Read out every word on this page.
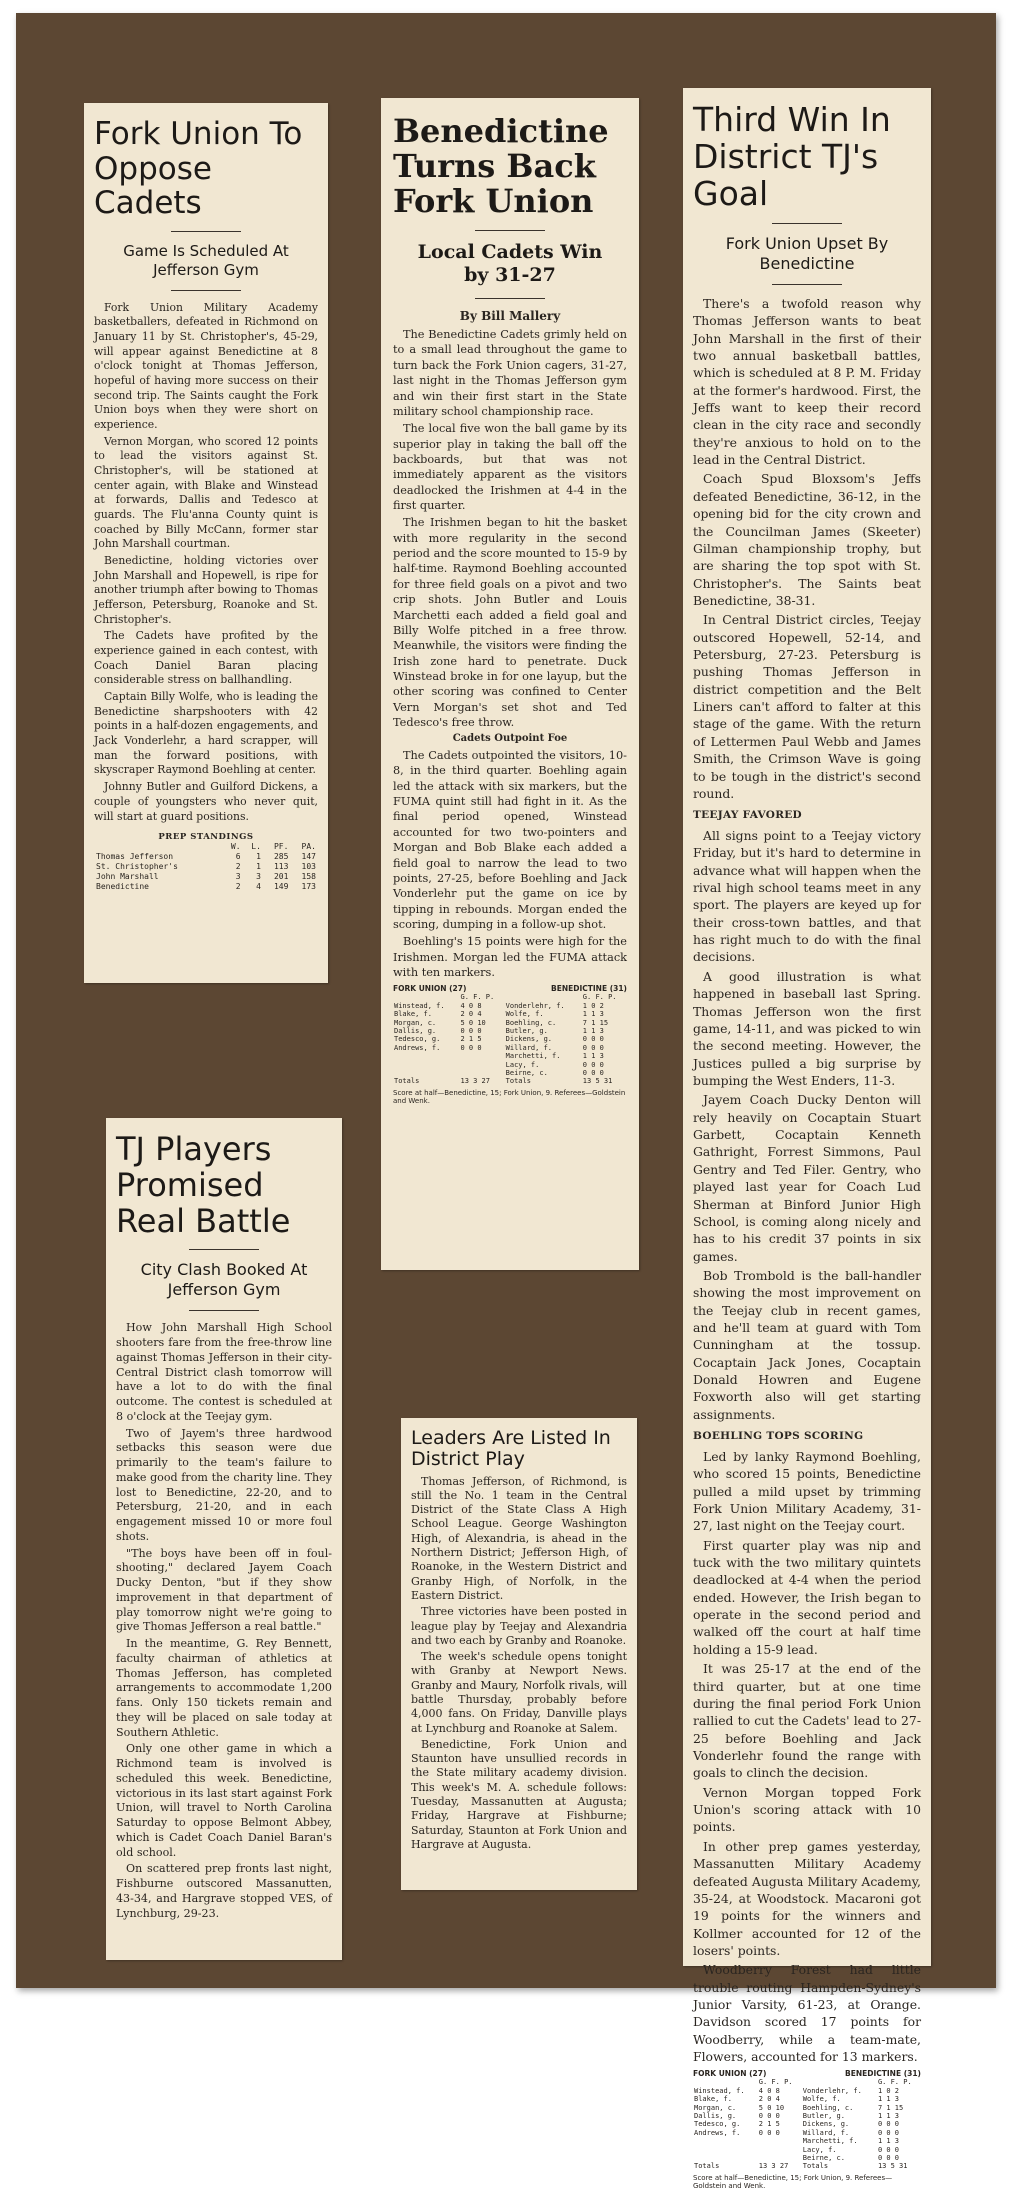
Fork Union To Oppose Cadets
Game Is Scheduled At Jefferson Gym

Fork Union Military Academy basketballers, defeated in Richmond on January 11 by St. Christopher's, 45-29, will appear against Benedictine at 8 o'clock tonight at Thomas Jefferson, hopeful of having more success on their second trip. The Saints caught the Fork Union boys when they were short on experience.

Vernon Morgan, who scored 12 points to lead the visitors against St. Christopher's, will be stationed at center again, with Blake and Winstead at forwards, Dallis and Tedesco at guards. The Flu'anna County quint is coached by Billy McCann, former star John Marshall courtman.

Benedictine, holding victories over John Marshall and Hopewell, is ripe for another triumph after bowing to Thomas Jefferson, Petersburg, Roanoke and St. Christopher's.

The Cadets have profited by the experience gained in each contest, with Coach Daniel Baran placing considerable stress on ballhandling.

Captain Billy Wolfe, who is leading the Benedictine sharpshooters with 42 points in a half-dozen engagements, and Jack Vonderlehr, a hard scrapper, will man the forward positions, with skyscraper Raymond Boehling at center.

Johnny Butler and Guilford Dickens, a couple of youngsters who never quit, will start at guard positions.

PREP STANDINGS
	W.	L.	PF.	PA.
Thomas Jefferson	6	1	285	147
St. Christopher's	2	1	113	103
John Marshall	3	3	201	158
Benedictine	2	4	149	173
Benedictine Turns Back Fork Union
Local Cadets Win by 31-27
By Bill Mallery

The Benedictine Cadets grimly held on to a small lead throughout the game to turn back the Fork Union cagers, 31-27, last night in the Thomas Jefferson gym and win their first start in the State military school championship race.

The local five won the ball game by its superior play in taking the ball off the backboards, but that was not immediately apparent as the visitors deadlocked the Irishmen at 4-4 in the first quarter.

The Irishmen began to hit the basket with more regularity in the second period and the score mounted to 15-9 by half-time. Raymond Boehling accounted for three field goals on a pivot and two crip shots. John Butler and Louis Marchetti each added a field goal and Billy Wolfe pitched in a free throw. Meanwhile, the visitors were finding the Irish zone hard to penetrate. Duck Winstead broke in for one layup, but the other scoring was confined to Center Vern Morgan's set shot and Ted Tedesco's free throw.

Cadets Outpoint Foe

The Cadets outpointed the visitors, 10-8, in the third quarter. Boehling again led the attack with six markers, but the FUMA quint still had fight in it. As the final period opened, Winstead accounted for two two-pointers and Morgan and Bob Blake each added a field goal to narrow the lead to two points, 27-25, before Boehling and Jack Vonderlehr put the game on ice by tipping in rebounds. Morgan ended the scoring, dumping in a follow-up shot.

Boehling's 15 points were high for the Irishmen. Morgan led the FUMA attack with ten markers.

FORK UNION (27)	BENEDICTINE (31)
	G. F. P.		G. F. P.
Winstead, f.	4 0 8	Vonderlehr, f.	1 0 2
Blake, f.	2 0 4	Wolfe, f.	1 1 3
Morgan, c.	5 0 10	Boehling, c.	7 1 15
Dallis, g.	0 0 0	Butler, g.	1 1 3
Tedesco, g.	2 1 5	Dickens, g.	0 0 0
Andrews, f.	0 0 0	Willard, f.	0 0 0
		Marchetti, f.	1 1 3
		Lacy, f.	0 0 0
		Beirne, c.	0 0 0
Totals	13 3 27	Totals	13 5 31
Score at half—Benedictine, 15; Fork Union, 9. Referees—Goldstein and Wenk.
Third Win In District TJ's Goal
Fork Union Upset By Benedictine

There's a twofold reason why Thomas Jefferson wants to beat John Marshall in the first of their two annual basketball battles, which is scheduled at 8 P. M. Friday at the former's hardwood. First, the Jeffs want to keep their record clean in the city race and secondly they're anxious to hold on to the lead in the Central District.

Coach Spud Bloxsom's Jeffs defeated Benedictine, 36-12, in the opening bid for the city crown and the Councilman James (Skeeter) Gilman championship trophy, but are sharing the top spot with St. Christopher's. The Saints beat Benedictine, 38-31.

In Central District circles, Teejay outscored Hopewell, 52-14, and Petersburg, 27-23. Petersburg is pushing Thomas Jefferson in district competition and the Belt Liners can't afford to falter at this stage of the game. With the return of Lettermen Paul Webb and James Smith, the Crimson Wave is going to be tough in the district's second round.

TEEJAY FAVORED

All signs point to a Teejay victory Friday, but it's hard to determine in advance what will happen when the rival high school teams meet in any sport. The players are keyed up for their cross-town battles, and that has right much to do with the final decisions.

A good illustration is what happened in baseball last Spring. Thomas Jefferson won the first game, 14-11, and was picked to win the second meeting. However, the Justices pulled a big surprise by bumping the West Enders, 11-3.

Jayem Coach Ducky Denton will rely heavily on Cocaptain Stuart Garbett, Cocaptain Kenneth Gathright, Forrest Simmons, Paul Gentry and Ted Filer. Gentry, who played last year for Coach Lud Sherman at Binford Junior High School, is coming along nicely and has to his credit 37 points in six games.

Bob Trombold is the ball-handler showing the most improvement on the Teejay club in recent games, and he'll team at guard with Tom Cunningham at the tossup. Cocaptain Jack Jones, Cocaptain Donald Howren and Eugene Foxworth also will get starting assignments.

BOEHLING TOPS SCORING

Led by lanky Raymond Boehling, who scored 15 points, Benedictine pulled a mild upset by trimming Fork Union Military Academy, 31-27, last night on the Teejay court.

First quarter play was nip and tuck with the two military quintets deadlocked at 4-4 when the period ended. However, the Irish began to operate in the second period and walked off the court at half time holding a 15-9 lead.

It was 25-17 at the end of the third quarter, but at one time during the final period Fork Union rallied to cut the Cadets' lead to 27-25 before Boehling and Jack Vonderlehr found the range with goals to clinch the decision.

Vernon Morgan topped Fork Union's scoring attack with 10 points.

In other prep games yesterday, Massanutten Military Academy defeated Augusta Military Academy, 35-24, at Woodstock. Macaroni got 19 points for the winners and Kollmer accounted for 12 of the losers' points.

Woodberry Forest had little trouble routing Hampden-Sydney's Junior Varsity, 61-23, at Orange. Davidson scored 17 points for Woodberry, while a team-mate, Flowers, accounted for 13 markers.

FORK UNION (27)	BENEDICTINE (31)
	G. F. P.		G. F. P.
Winstead, f.	4 0 8	Vonderlehr, f.	1 0 2
Blake, f.	2 0 4	Wolfe, f.	1 1 3
Morgan, c.	5 0 10	Boehling, c.	7 1 15
Dallis, g.	0 0 0	Butler, g.	1 1 3
Tedesco, g.	2 1 5	Dickens, g.	0 0 0
Andrews, f.	0 0 0	Willard, f.	0 0 0
		Marchetti, f.	1 1 3
		Lacy, f.	0 0 0
		Beirne, c.	0 0 0
Totals	13 3 27	Totals	13 5 31
Score at half—Benedictine, 15; Fork Union, 9. Referees—Goldstein and Wenk.
TJ Players Promised Real Battle
City Clash Booked At Jefferson Gym

How John Marshall High School shooters fare from the free-throw line against Thomas Jefferson in their city-Central District clash tomorrow will have a lot to do with the final outcome. The contest is scheduled at 8 o'clock at the Teejay gym.

Two of Jayem's three hardwood setbacks this season were due primarily to the team's failure to make good from the charity line. They lost to Benedictine, 22-20, and to Petersburg, 21-20, and in each engagement missed 10 or more foul shots.

"The boys have been off in foul-shooting," declared Jayem Coach Ducky Denton, "but if they show improvement in that department of play tomorrow night we're going to give Thomas Jefferson a real battle."

In the meantime, G. Rey Bennett, faculty chairman of athletics at Thomas Jefferson, has completed arrangements to accommodate 1,200 fans. Only 150 tickets remain and they will be placed on sale today at Southern Athletic.

Only one other game in which a Richmond team is involved is scheduled this week. Benedictine, victorious in its last start against Fork Union, will travel to North Carolina Saturday to oppose Belmont Abbey, which is Cadet Coach Daniel Baran's old school.

On scattered prep fronts last night, Fishburne outscored Massanutten, 43-34, and Hargrave stopped VES, of Lynchburg, 29-23.

Leaders Are Listed In District Play

Thomas Jefferson, of Richmond, is still the No. 1 team in the Central District of the State Class A High School League. George Washington High, of Alexandria, is ahead in the Northern District; Jefferson High, of Roanoke, in the Western District and Granby High, of Norfolk, in the Eastern District.

Three victories have been posted in league play by Teejay and Alexandria and two each by Granby and Roanoke.

The week's schedule opens tonight with Granby at Newport News. Granby and Maury, Norfolk rivals, will battle Thursday, probably before 4,000 fans. On Friday, Danville plays at Lynchburg and Roanoke at Salem.

Benedictine, Fork Union and Staunton have unsullied records in the State military academy division. This week's M. A. schedule follows: Tuesday, Massanutten at Augusta; Friday, Hargrave at Fishburne; Saturday, Staunton at Fork Union and Hargrave at Augusta.
